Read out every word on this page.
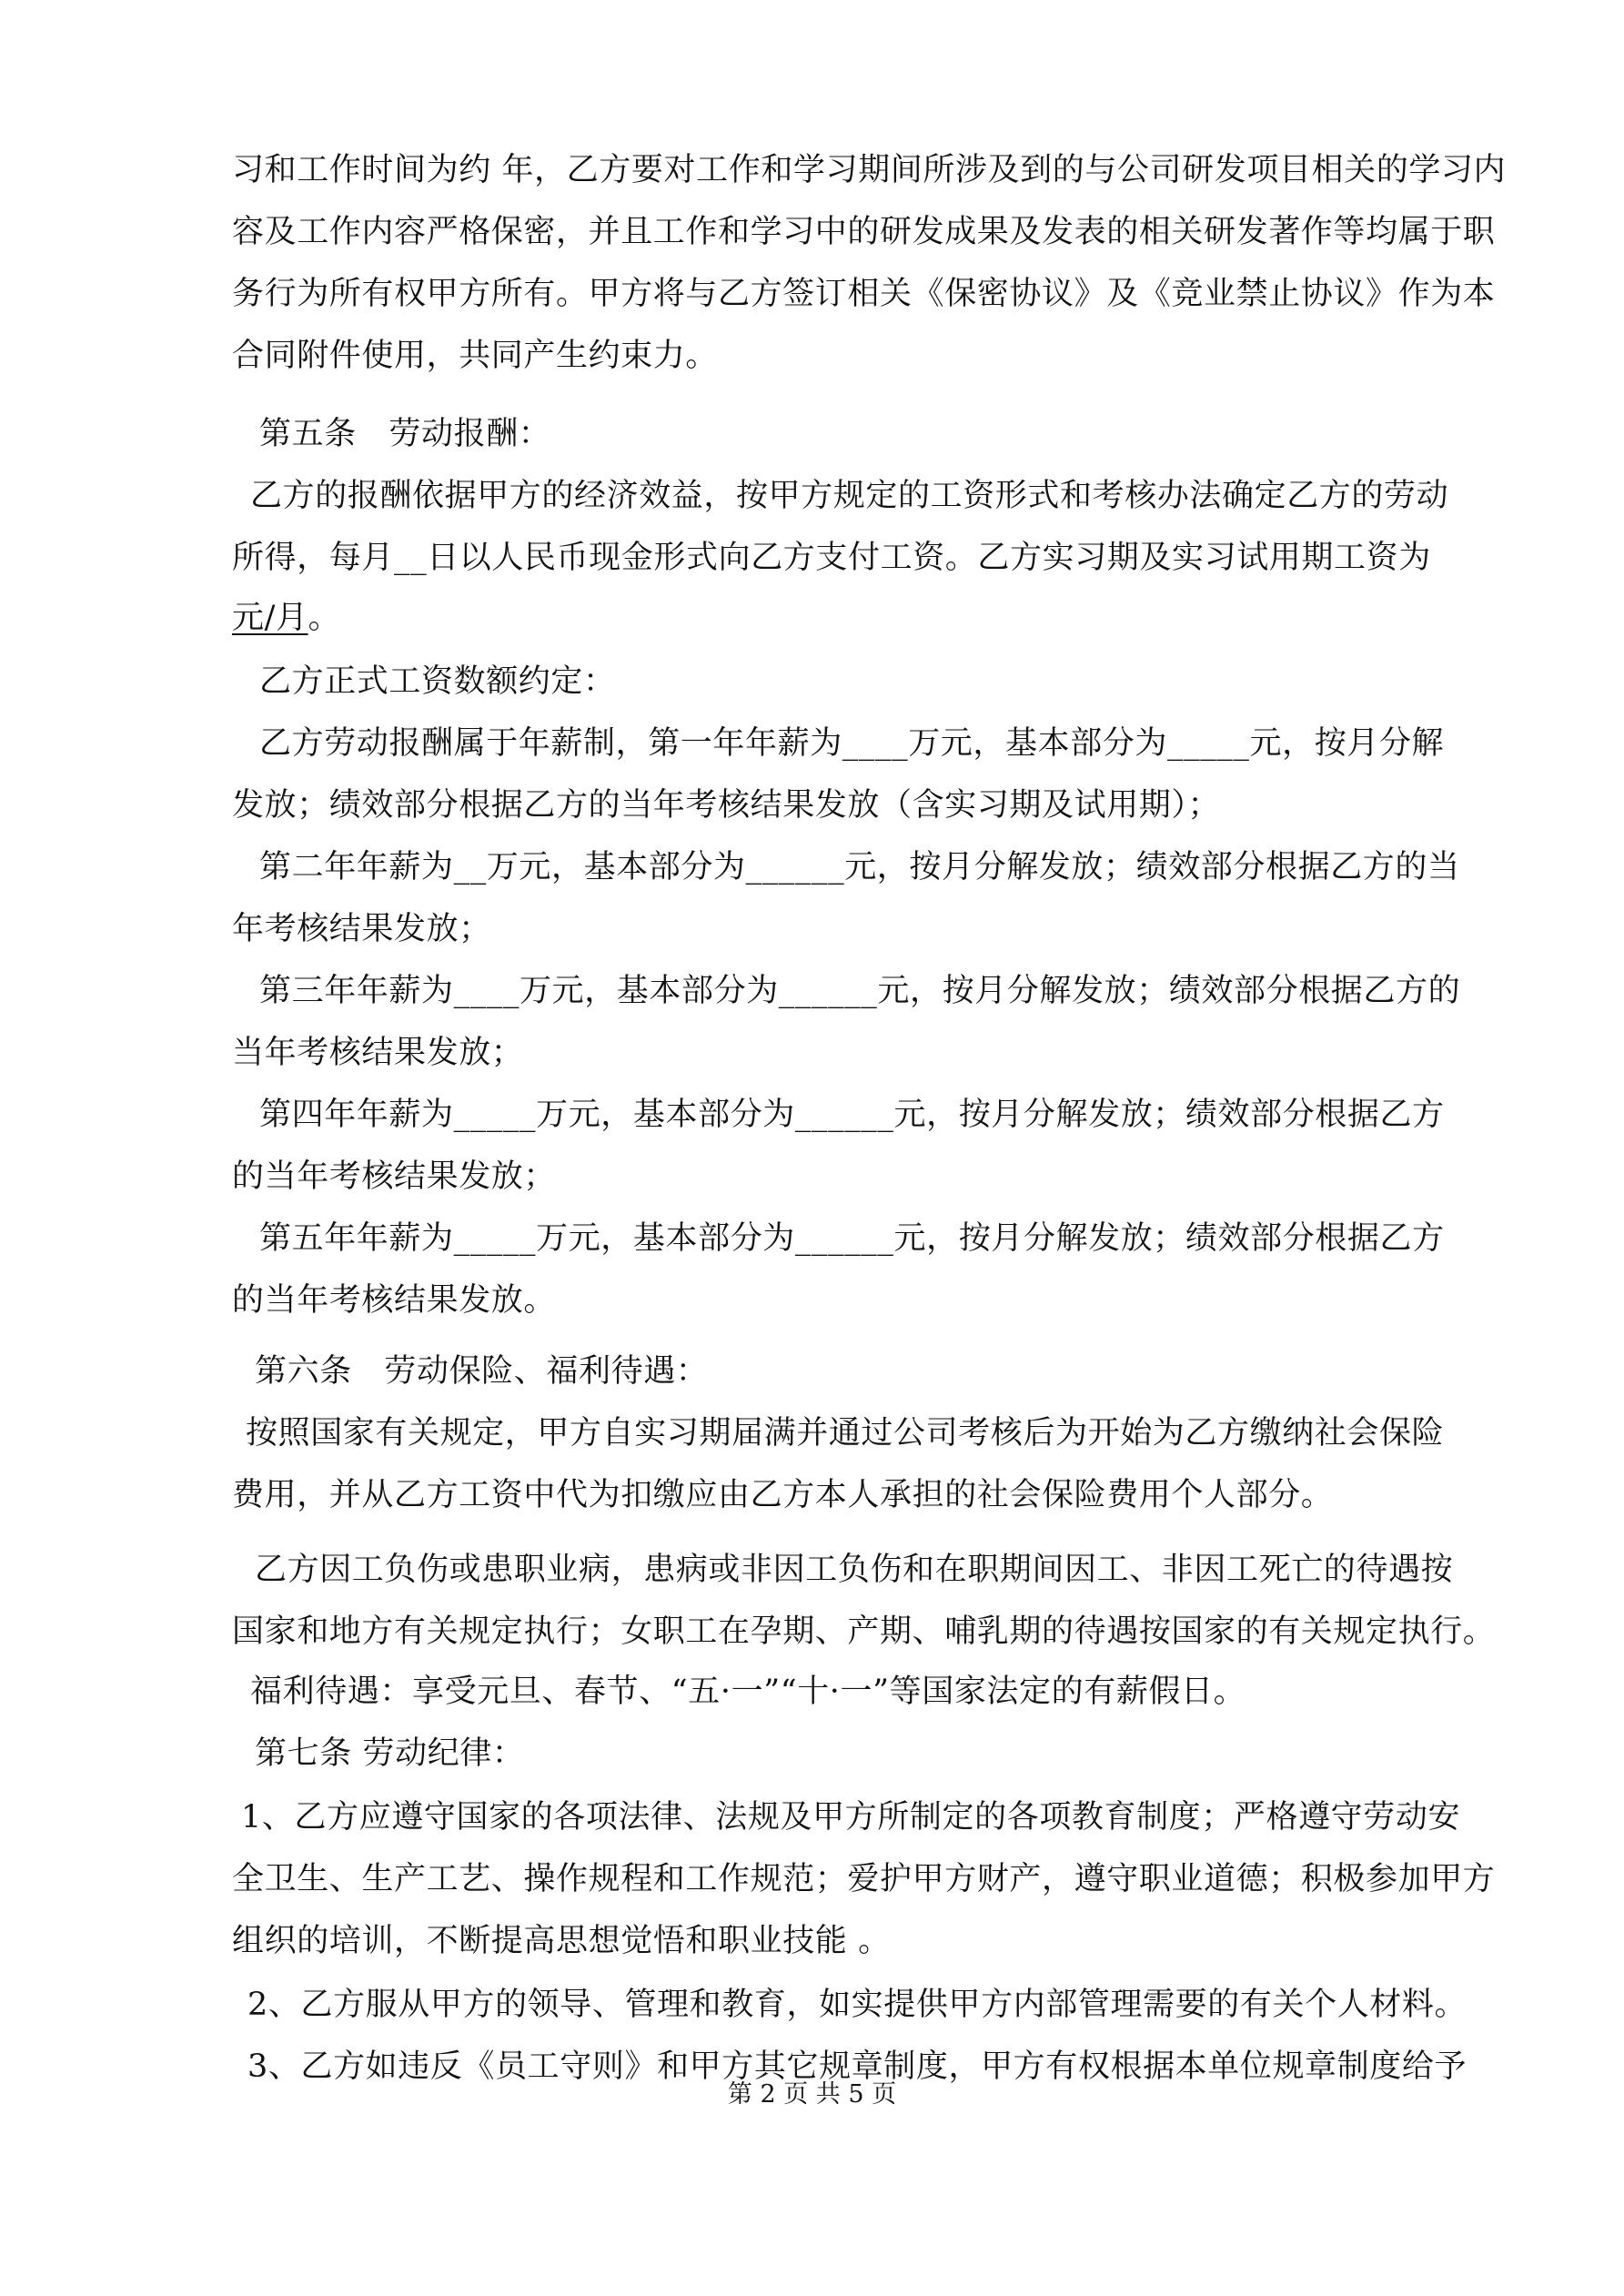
习和工作时间为约 年，乙方要对工作和学习期间所涉及到的与公司研发项目相关的学习内
容及工作内容严格保密，并且工作和学习中的研发成果及发表的相关研发著作等均属于职
务行为所有权甲方所有。甲方将与乙方签订相关《保密协议》及《竞业禁止协议》作为本
合同附件使用，共同产生约束力。
第五条　劳动报酬：
乙方的报酬依据甲方的经济效益，按甲方规定的工资形式和考核办法确定乙方的劳动
所得，每月__日以人民币现金形式向乙方支付工资。乙方实习期及实习试用期工资为
元/月。
乙方正式工资数额约定：
乙方劳动报酬属于年薪制，第一年年薪为____万元，基本部分为_____元，按月分解
发放；绩效部分根据乙方的当年考核结果发放（含实习期及试用期）；
第二年年薪为__万元，基本部分为______元，按月分解发放；绩效部分根据乙方的当
年考核结果发放；
第三年年薪为____万元，基本部分为______元，按月分解发放；绩效部分根据乙方的
当年考核结果发放；
第四年年薪为_____万元，基本部分为______元，按月分解发放；绩效部分根据乙方
的当年考核结果发放；
第五年年薪为_____万元，基本部分为______元，按月分解发放；绩效部分根据乙方
的当年考核结果发放。
第六条　劳动保险、福利待遇：
按照国家有关规定，甲方自实习期届满并通过公司考核后为开始为乙方缴纳社会保险
费用，并从乙方工资中代为扣缴应由乙方本人承担的社会保险费用个人部分。
乙方因工负伤或患职业病，患病或非因工负伤和在职期间因工、非因工死亡的待遇按
国家和地方有关规定执行；女职工在孕期、产期、哺乳期的待遇按国家的有关规定执行。
福利待遇：享受元旦、春节、“五·一”“十·一”等国家法定的有薪假日。
第七条 劳动纪律：
1、乙方应遵守国家的各项法律、法规及甲方所制定的各项教育制度；严格遵守劳动安
全卫生、生产工艺、操作规程和工作规范；爱护甲方财产，遵守职业道德；积极参加甲方
组织的培训，不断提高思想觉悟和职业技能 。
2、乙方服从甲方的领导、管理和教育，如实提供甲方内部管理需要的有关个人材料。
3、乙方如违反《员工守则》和甲方其它规章制度，甲方有权根据本单位规章制度给予
第 2 页 共 5 页
